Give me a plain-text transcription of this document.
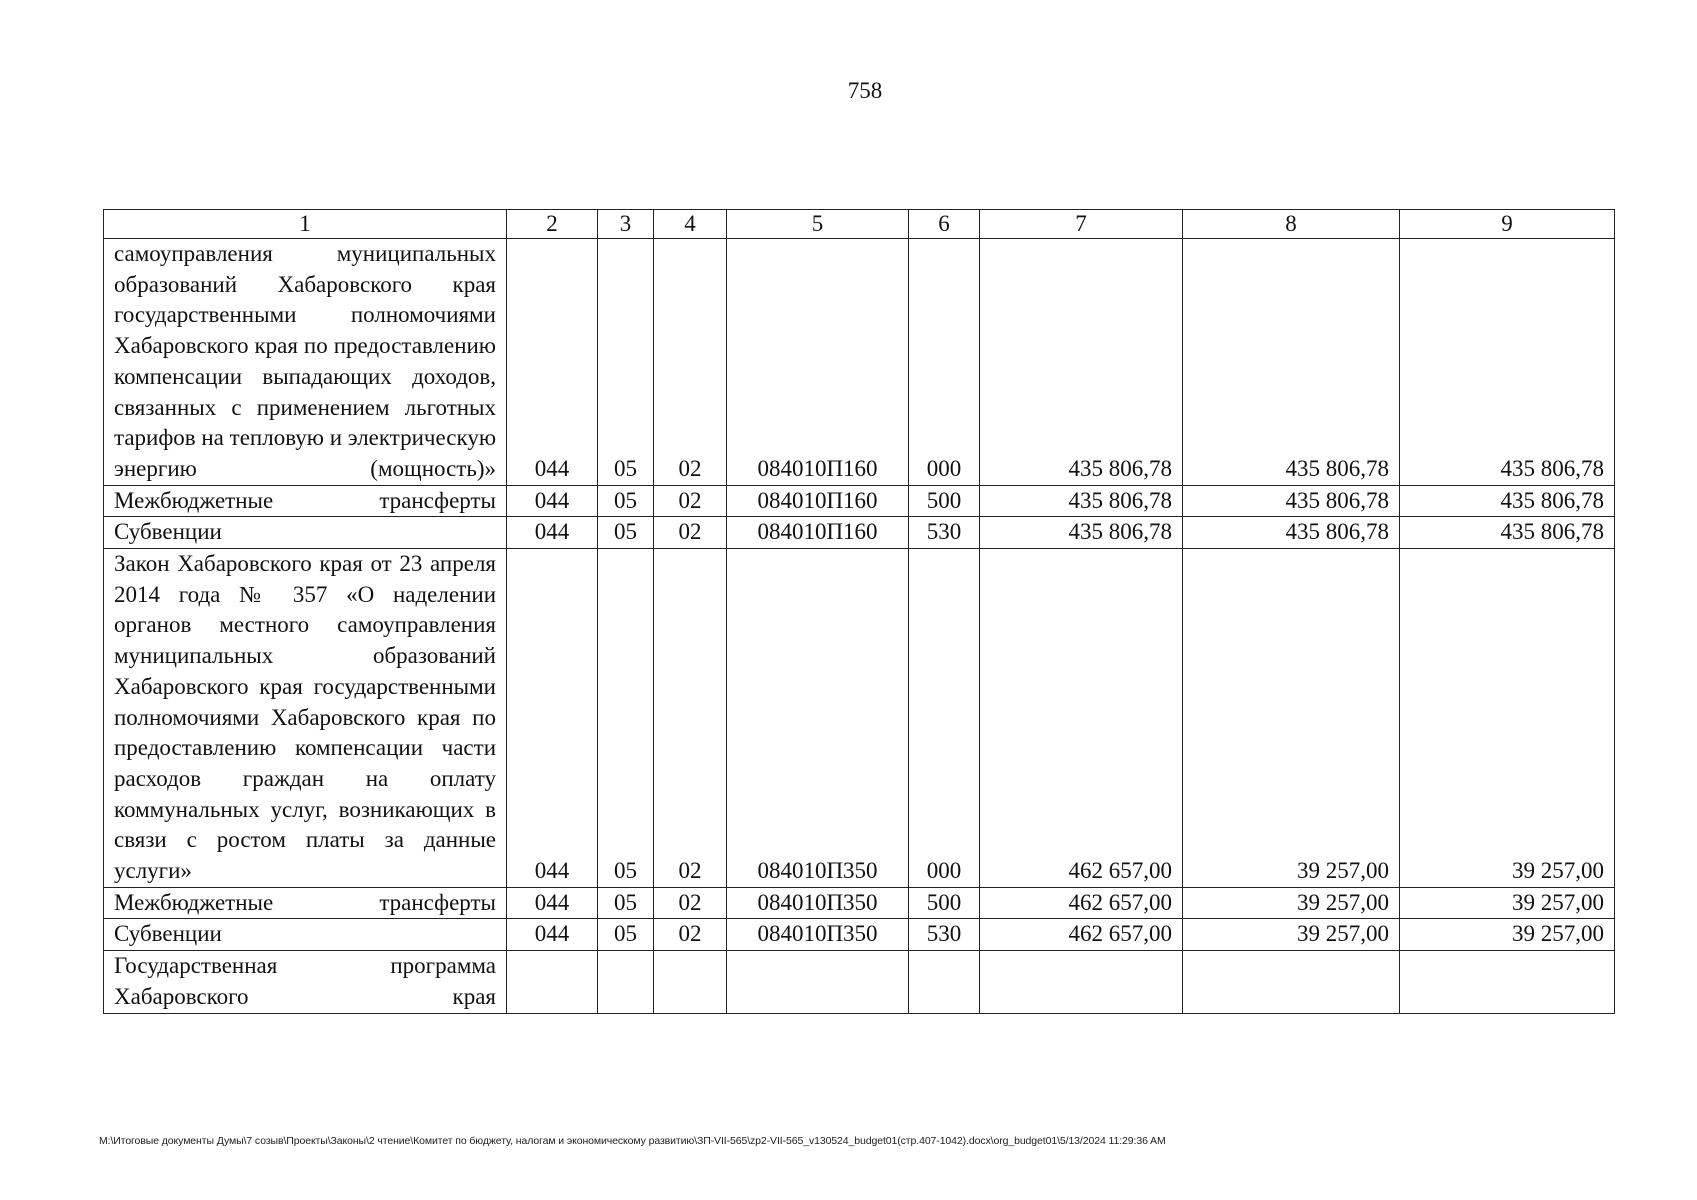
758
1	2	3	4	5	6	7	8	9

самоуправления муниципальных образований Хабаровского края государственными полномочиями Хабаровского края по предоставлению компенсации выпадающих доходов, связанных с применением льготных тарифов на тепловую и электрическую энергию (мощность)»	044	05	02	084010П160	000	435 806,78	435 806,78	435 806,78

Межбюджетные трансферты	044	05	02	084010П160	500	435 806,78	435 806,78	435 806,78

Субвенции	044	05	02	084010П160	530	435 806,78	435 806,78	435 806,78

Закон Хабаровского края от 23 апреля 2014 года № 357 «О наделении органов местного самоуправления муниципальных образований Хабаровского края государственными полномочиями Хабаровского края по предоставлению компенсации части расходов граждан на оплату коммунальных услуг, возникающих в связи с ростом платы за данные услуги»	044	05	02	084010П350	000	462 657,00	39 257,00	39 257,00

Межбюджетные трансферты	044	05	02	084010П350	500	462 657,00	39 257,00	39 257,00

Субвенции	044	05	02	084010П350	530	462 657,00	39 257,00	39 257,00

Государственная программа Хабаровского края								

M:\Итоговые документы Думы\7 созыв\Проекты\Законы\2 чтение\Комитет по бюджету, налогам и экономическому развитию\ЗП-VII-565\zp2-VII-565_v130524_budget01(стр.407-1042).docx\org_budget01\5/13/2024 11:29:36 AM
